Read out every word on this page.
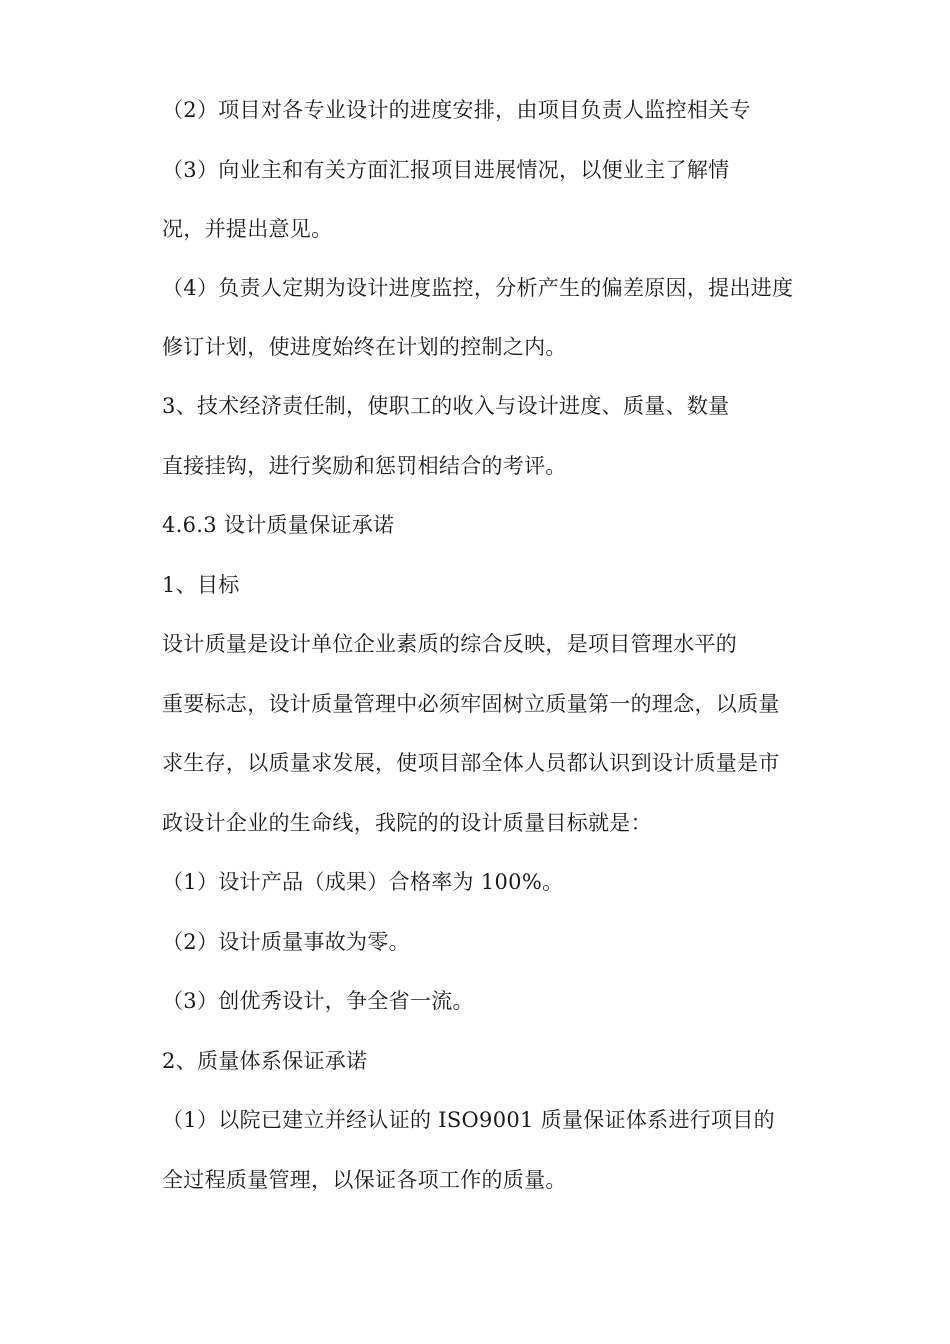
（2）项目对各专业设计的进度安排，由项目负责人监控相关专
（3）向业主和有关方面汇报项目进展情况，以便业主了解情
况，并提出意见。
（4）负责人定期为设计进度监控，分析产生的偏差原因，提出进度
修订计划，使进度始终在计划的控制之内。
3、技术经济责任制，使职工的收入与设计进度、质量、数量
直接挂钩，进行奖励和惩罚相结合的考评。
4.6.3 设计质量保证承诺
1、目标
设计质量是设计单位企业素质的综合反映，是项目管理水平的
重要标志，设计质量管理中必须牢固树立质量第一的理念，以质量
求生存，以质量求发展，使项目部全体人员都认识到设计质量是市
政设计企业的生命线，我院的的设计质量目标就是：
（1）设计产品（成果）合格率为 100%。
（2）设计质量事故为零。
（3）创优秀设计，争全省一流。
2、质量体系保证承诺
（1）以院已建立并经认证的 ISO9001 质量保证体系进行项目的
全过程质量管理，以保证各项工作的质量。
